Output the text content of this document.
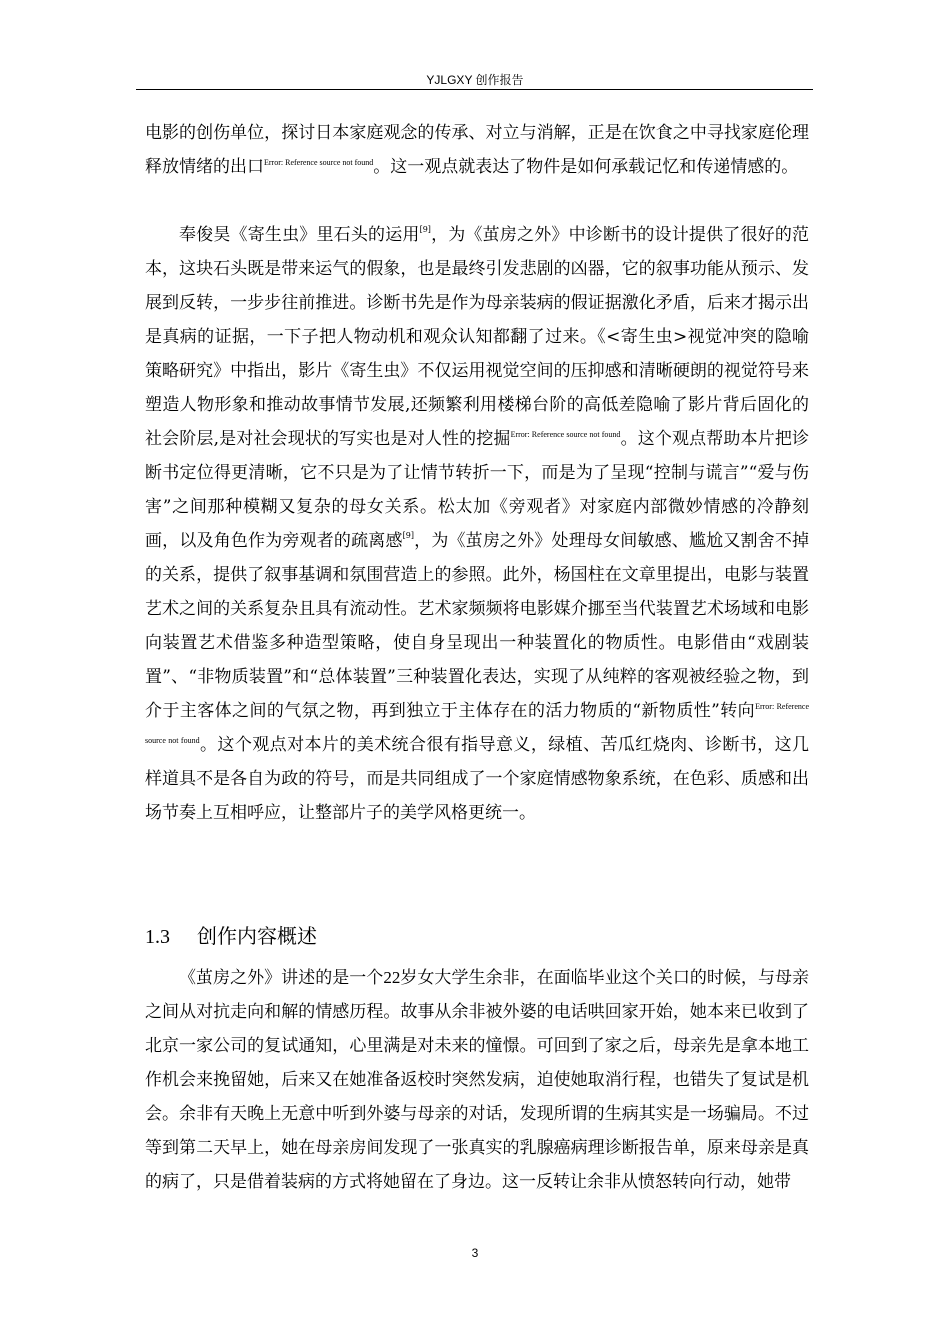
YJLGXY 创作报告

电影的创伤单位，探讨日本家庭观念的传承、对立与消解，正是在饮食之中寻找家庭伦理释放情绪的出口$^{Error: Reference source not found}$。这一观点就表达了物件是如何承载记忆和传递情感的。

奉俊昊《寄生虫》里石头的运用[9]，为《茧房之外》中诊断书的设计提供了很好的范本，这块石头既是带来运气的假象，也是最终引发悲剧的凶器，它的叙事功能从预示、发展到反转，一步步往前推进。诊断书先是作为母亲装病的假证据激化矛盾，后来才揭示出是真病的证据，一下子把人物动机和观众认知都翻了过来。《<寄生虫>视觉冲突的隐喻策略研究》中指出，影片《寄生虫》不仅运用视觉空间的压抑感和清晰硬朗的视觉符号来塑造人物形象和推动故事情节发展,还频繁利用楼梯台阶的高低差隐喻了影片背后固化的社会阶层,是对社会现状的写实也是对人性的挖掘$^{Error: Reference source not found}$。这个观点帮助本片把诊断书定位得更清晰，它不只是为了让情节转折一下，而是为了呈现“控制与谎言”“爱与伤害”之间那种模糊又复杂的母女关系。松太加《旁观者》对家庭内部微妙情感的冷静刻画，以及角色作为旁观者的疏离感[9]，为《茧房之外》处理母女间敏感、尴尬又割舍不掉的关系，提供了叙事基调和氛围营造上的参照。此外，杨国柱在文章里提出，电影与装置艺术之间的关系复杂且具有流动性。艺术家频频将电影媒介挪至当代装置艺术场域和电影向装置艺术借鉴多种造型策略，使自身呈现出一种装置化的物质性。电影借由“戏剧装置”、“非物质装置”和“总体装置”三种装置化表达，实现了从纯粹的客观被经验之物，到介于主客体之间的气氛之物，再到独立于主体存在的活力物质的“新物质性”转向$^{Error: Reference source not found}$。这个观点对本片的美术统合很有指导意义，绿植、苦瓜红烧肉、诊断书，这几样道具不是各自为政的符号，而是共同组成了一个家庭情感物象系统，在色彩、质感和出场节奏上互相呼应，让整部片子的美学风格更统一。

1.3 创作内容概述

《茧房之外》讲述的是一个22岁女大学生余非，在面临毕业这个关口的时候，与母亲之间从对抗走向和解的情感历程。故事从余非被外婆的电话哄回家开始，她本来已收到了北京一家公司的复试通知，心里满是对未来的憧憬。可回到了家之后，母亲先是拿本地工作机会来挽留她，后来又在她准备返校时突然发病，迫使她取消行程，也错失了复试是机会。余非有天晚上无意中听到外婆与母亲的对话，发现所谓的生病其实是一场骗局。不过等到第二天早上，她在母亲房间发现了一张真实的乳腺癌病理诊断报告单，原来母亲是真的病了，只是借着装病的方式将她留在了身边。这一反转让余非从愤怒转向行动，她带

3
